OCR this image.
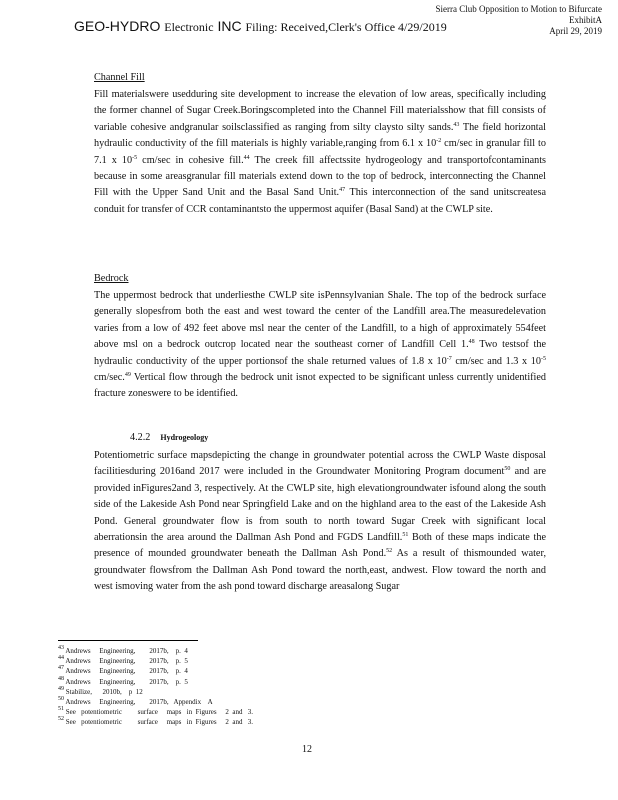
GEO-HYDRO Electronic INC Filing: Received,Clerk's Office 4/29/2019
Sierra Club Opposition to Motion to Bifurcate
ExhibitA
April 29, 2019
Channel Fill
Fill materialswere usedduring site development to increase the elevation of low areas, specifically including the former channel of Sugar Creek.Boringscompleted into the Channel Fill materialsshow that fill consists of variable cohesive andgranular soilsclassified as ranging from silty claysto silty sands.$^{43}$ The field horizontal hydraulic conductivity of the fill materials is highly variable,ranging from 6.1 x $10^{-2}$ cm/sec in granular fill to 7.1 x $10^{-5}$ cm/sec in cohesive fill.$^{44}$ The creek fill affectssite hydrogeology and transportofcontaminants because in some areasgranular fill materials extend down to the top of bedrock, interconnecting the Channel Fill with the Upper Sand Unit and the Basal Sand Unit.$^{47}$ This interconnection of the sand unitscreatesa conduit for transfer of CCR contaminantsto the uppermost aquifer (Basal Sand) at the CWLP site.
Bedrock
The uppermost bedrock that underliesthe CWLP site isPennsylvanian Shale. The top of the bedrock surface generally slopesfrom both the east and west toward the center of the Landfill area.The measuredelevation varies from a low of 492 feet above msl near the center of the Landfill, to a high of approximately 554feet above msl on a bedrock outcrop located near the southeast corner of Landfill Cell 1.48 Two testsof the hydraulic conductivity of the upper portionsof the shale returned values of 1.8 x $10^{-7}$ cm/sec and 1.3 x $10^{-5}$ cm/sec.$^{49}$ Vertical flow through the bedrock unit isnot expected to be significant unless currently unidentified fracture zoneswere to be identified.
4.2.2 Hydrogeology
Potentiometric surface mapsdepicting the change in groundwater potential across the CWLP Waste disposal facilitiesduring 2016and 2017 were included in the Groundwater Monitoring Program document$^{50}$ and are provided inFigures2and 3, respectively. At the CWLP site, high elevationgroundwater isfound along the south side of the Lakeside Ash Pond near Springfield Lake and on the highland area to the east of the Lakeside Ash Pond. General groundwater flow is from south to north toward Sugar Creek with significant local aberrationsin the area around the Dallman Ash Pond and FGDS Landfill.$^{51}$ Both of these maps indicate the presence of mounded groundwater beneath the Dallman Ash Pond.$^{52}$ As a result of thismounded water, groundwater flowsfrom the Dallman Ash Pond toward the north,east, andwest. Flow toward the north and west ismoving water from the ash pond toward discharge areasalong Sugar
$^{43}$ Andrews     Engineering,        2017b,    p.  4
$^{44}$ Andrews     Engineering,        2017b,    p.  5
$^{47}$ Andrews     Engineering,        2017b,    p.  4
$^{48}$ Andrews     Engineering,        2017b,    p.  5
$^{49}$ Stabilize,      2010b,    p  12
$^{50}$ Andrews     Engineering,        2017b,   Appendix    A
$^{51}$ See   potentiometric         surface     maps   in  Figures     2  and   3.
$^{52}$ See   potentiometric         surface     maps   in  Figures     2  and   3.
12
